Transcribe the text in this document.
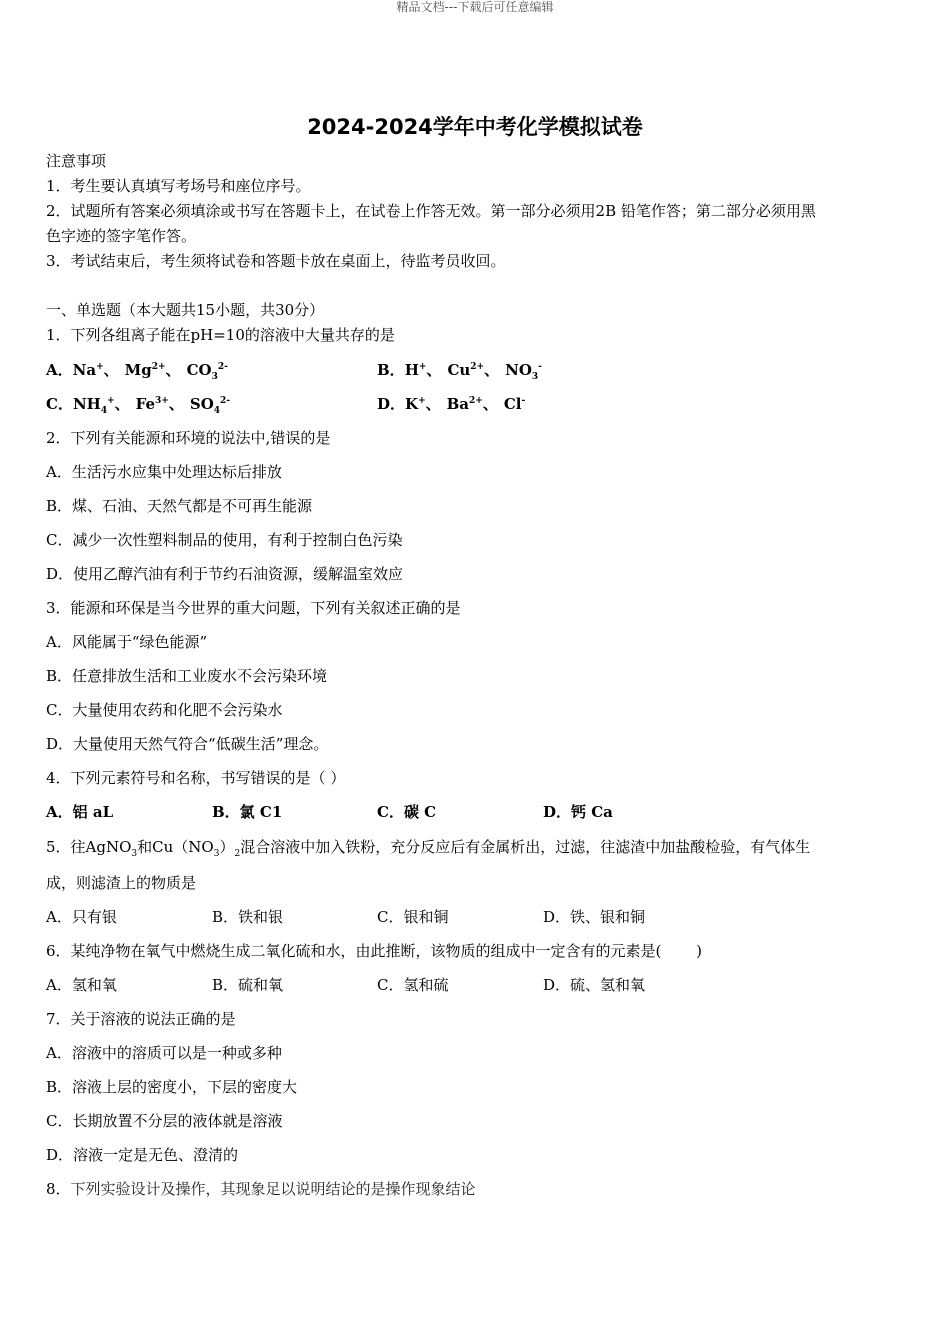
精品文档---下载后可任意编辑
2024-2024学年中考化学模拟试卷
注意事项
1．考生要认真填写考场号和座位序号。
2．试题所有答案必须填涂或书写在答题卡上，在试卷上作答无效。第一部分必须用2B 铅笔作答；第二部分必须用黑
色字迹的签字笔作答。
3．考试结束后，考生须将试卷和答题卡放在桌面上，待监考员收回。
一、单选题（本大题共15小题，共30分）
1．下列各组离子能在pH=10的溶液中大量共存的是
A．Na+、 $Mg^{2+}$、 $CO_3^{2-}$	B．H+、 $Cu^{2+}$、 $NO_3^-$
C．$NH_4^+$、 $Fe^{3+}$、 $SO_4^{2-}$	D．K+、 $Ba^{2+}$、 Cl-
2．下列有关能源和环境的说法中,错误的是
A．生活污水应集中处理达标后排放
B．煤、石油、天然气都是不可再生能源
C．减少一次性塑料制品的使用，有利于控制白色污染
D．使用乙醇汽油有利于节约石油资源，缓解温室效应
3．能源和环保是当今世界的重大问题，下列有关叙述正确的是
A．风能属于“绿色能源”
B．任意排放生活和工业废水不会污染环境
C．大量使用农药和化肥不会污染水
D．大量使用天然气符合“低碳生活”理念。
4．下列元素符号和名称，书写错误的是（ ）
A．铝 aL	B．氯 C1	C．碳 C	D．钙 Ca
5．往AgNO$_3$和$Cu(NO_3)_2$混合溶液中加入铁粉，充分反应后有金属析出，过滤，往滤渣中加盐酸检验，有气体生
成，则滤渣上的物质是
A．只有银	B．铁和银	C．银和铜	D．铁、银和铜
6．某纯净物在氧气中燃烧生成二氧化硫和水，由此推断，该物质的组成中一定含有的元素是(　　 )
A．氢和氧	B．硫和氧	C．氢和硫	D．硫、氢和氧
7．关于溶液的说法正确的是
A．溶液中的溶质可以是一种或多种
B．溶液上层的密度小，下层的密度大
C．长期放置不分层的液体就是溶液
D．溶液一定是无色、澄清的
8．下列实验设计及操作，其现象足以说明结论的是操作现象结论
